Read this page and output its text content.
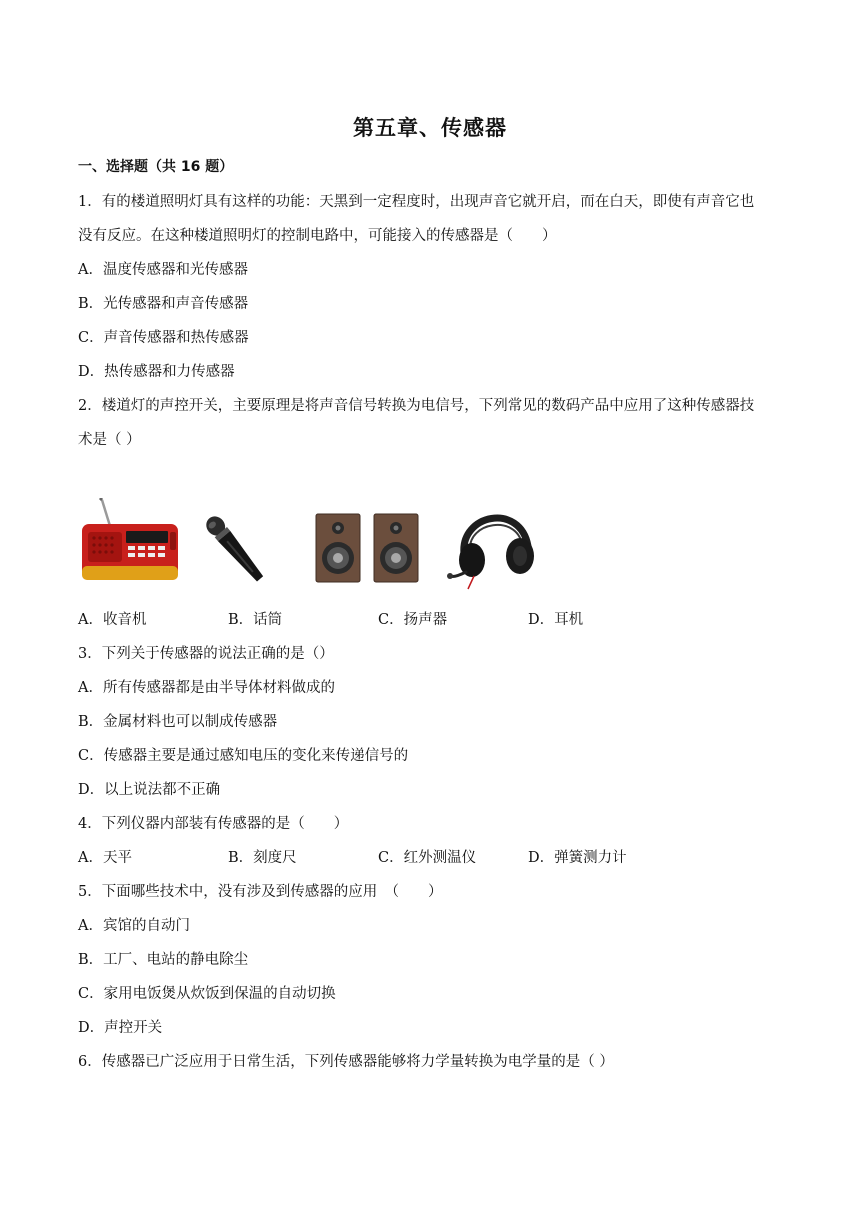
第五章、传感器
一、选择题（共 16 题）
1．有的楼道照明灯具有这样的功能：天黑到一定程度时，出现声音它就开启，而在白天，即使有声音它也
没有反应。在这种楼道照明灯的控制电路中，可能接入的传感器是（　　）
A．温度传感器和光传感器
B．光传感器和声音传感器
C．声音传感器和热传感器
D．热传感器和力传感器
2．楼道灯的声控开关，主要原理是将声音信号转换为电信号，下列常见的数码产品中应用了这种传感器技
术是（ ）
A．收音机	B．话筒	C．扬声器	D．耳机
3．下列关于传感器的说法正确的是（）
A．所有传感器都是由半导体材料做成的
B．金属材料也可以制成传感器
C．传感器主要是通过感知电压的变化来传递信号的
D．以上说法都不正确
4．下列仪器内部装有传感器的是（　　）
A．天平	B．刻度尺	C．红外测温仪	D．弹簧测力计
5．下面哪些技术中，没有涉及到传感器的应用　（　　）
A．宾馆的自动门
B．工厂、电站的静电除尘
C．家用电饭煲从炊饭到保温的自动切换
D．声控开关
6．传感器已广泛应用于日常生活，下列传感器能够将力学量转换为电学量的是（ ）
